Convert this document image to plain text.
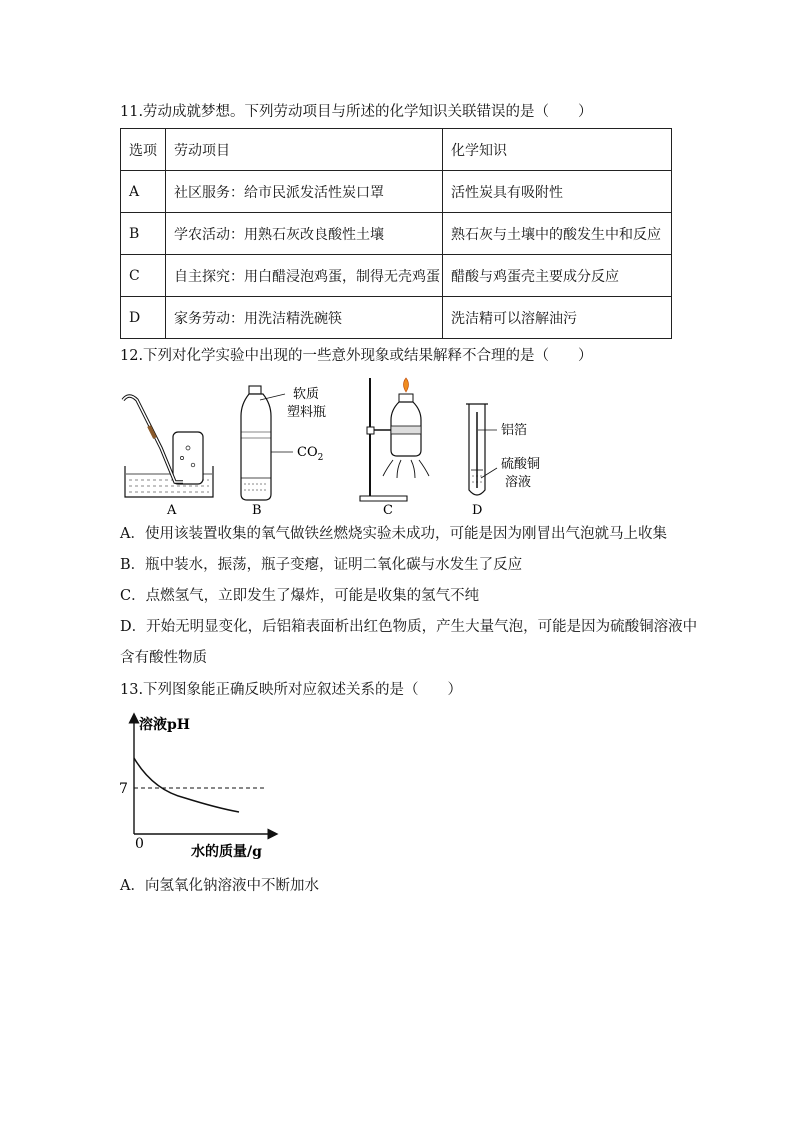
11.劳动成就梦想。下列劳动项目与所述的化学知识关联错误的是（　　）
选项	劳动项目	化学知识
A	社区服务：给市民派发活性炭口罩	活性炭具有吸附性
B	学农活动：用熟石灰改良酸性土壤	熟石灰与土壤中的酸发生中和反应
C	自主探究：用白醋浸泡鸡蛋，制得无壳鸡蛋	醋酸与鸡蛋壳主要成分反应
D	家务劳动：用洗洁精洗碗筷	洗洁精可以溶解油污
12.下列对化学实验中出现的一些意外现象或结果解释不合理的是（　　）
软质
塑料瓶
$CO_2$
铝箔
硫酸铜
溶液
A	B	C	D
A．使用该装置收集的氧气做铁丝燃烧实验未成功，可能是因为刚冒出气泡就马上收集
B．瓶中装水，振荡，瓶子变瘪，证明二氧化碳与水发生了反应
C．点燃氢气，立即发生了爆炸，可能是收集的氢气不纯
D．开始无明显变化，后铝箱表面析出红色物质，产生大量气泡，可能是因为硫酸铜溶液中
含有酸性物质
13.下列图象能正确反映所对应叙述关系的是（　　）
溶液pH
7
0	水的质量/g
A．向氢氧化钠溶液中不断加水
